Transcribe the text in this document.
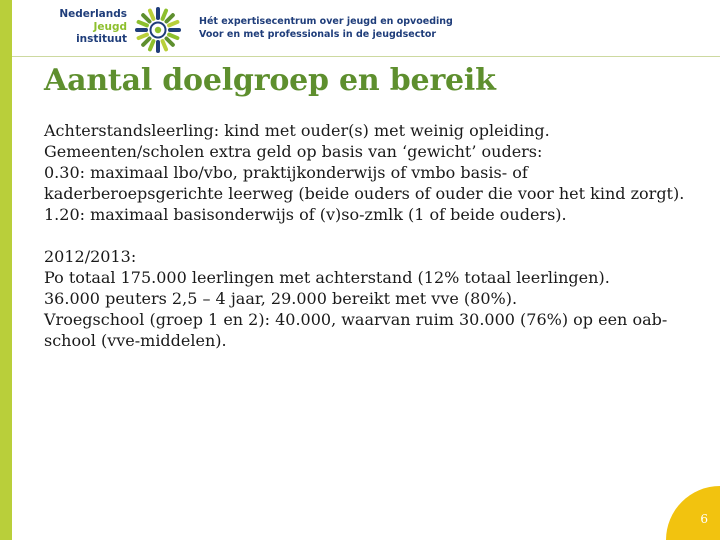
Nederlands
Jeugd
instituut
Hét expertisecentrum over jeugd en opvoeding
Voor en met professionals in de jeugdsector
Aantal doelgroep en bereik

Achterstandsleerling: kind met ouder(s) met weinig opleiding.

Gemeenten/scholen extra geld op basis van ‘gewicht’ ouders:

0.30: maximaal lbo/vbo, praktijkonderwijs of vmbo basis- of kaderberoepsgerichte leerweg (beide ouders of ouder die voor het kind zorgt).

1.20: maximaal basisonderwijs of (v)so-zmlk (1 of beide ouders).

2012/2013:

Po totaal 175.000 leerlingen met achterstand (12% totaal leerlingen).

36.000 peuters 2,5 – 4 jaar, 29.000 bereikt met vve (80%).

Vroegschool (groep 1 en 2): 40.000, waarvan ruim 30.000 (76%) op een oab-school (vve-middelen).

6
